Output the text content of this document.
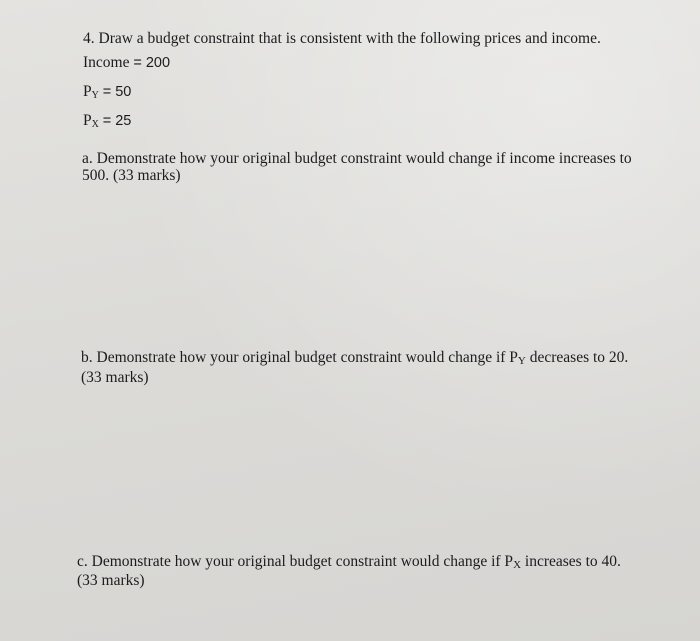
4. Draw a budget constraint that is consistent with the following prices and income.
Income = 200
$P_Y = 50$
$P_X = 25$
a. Demonstrate how your original budget constraint would change if income increases to
500. (33 marks)
b. Demonstrate how your original budget constraint would change if PY decreases to 20.
(33 marks)
c. Demonstrate how your original budget constraint would change if PX increases to 40.
(33 marks)
